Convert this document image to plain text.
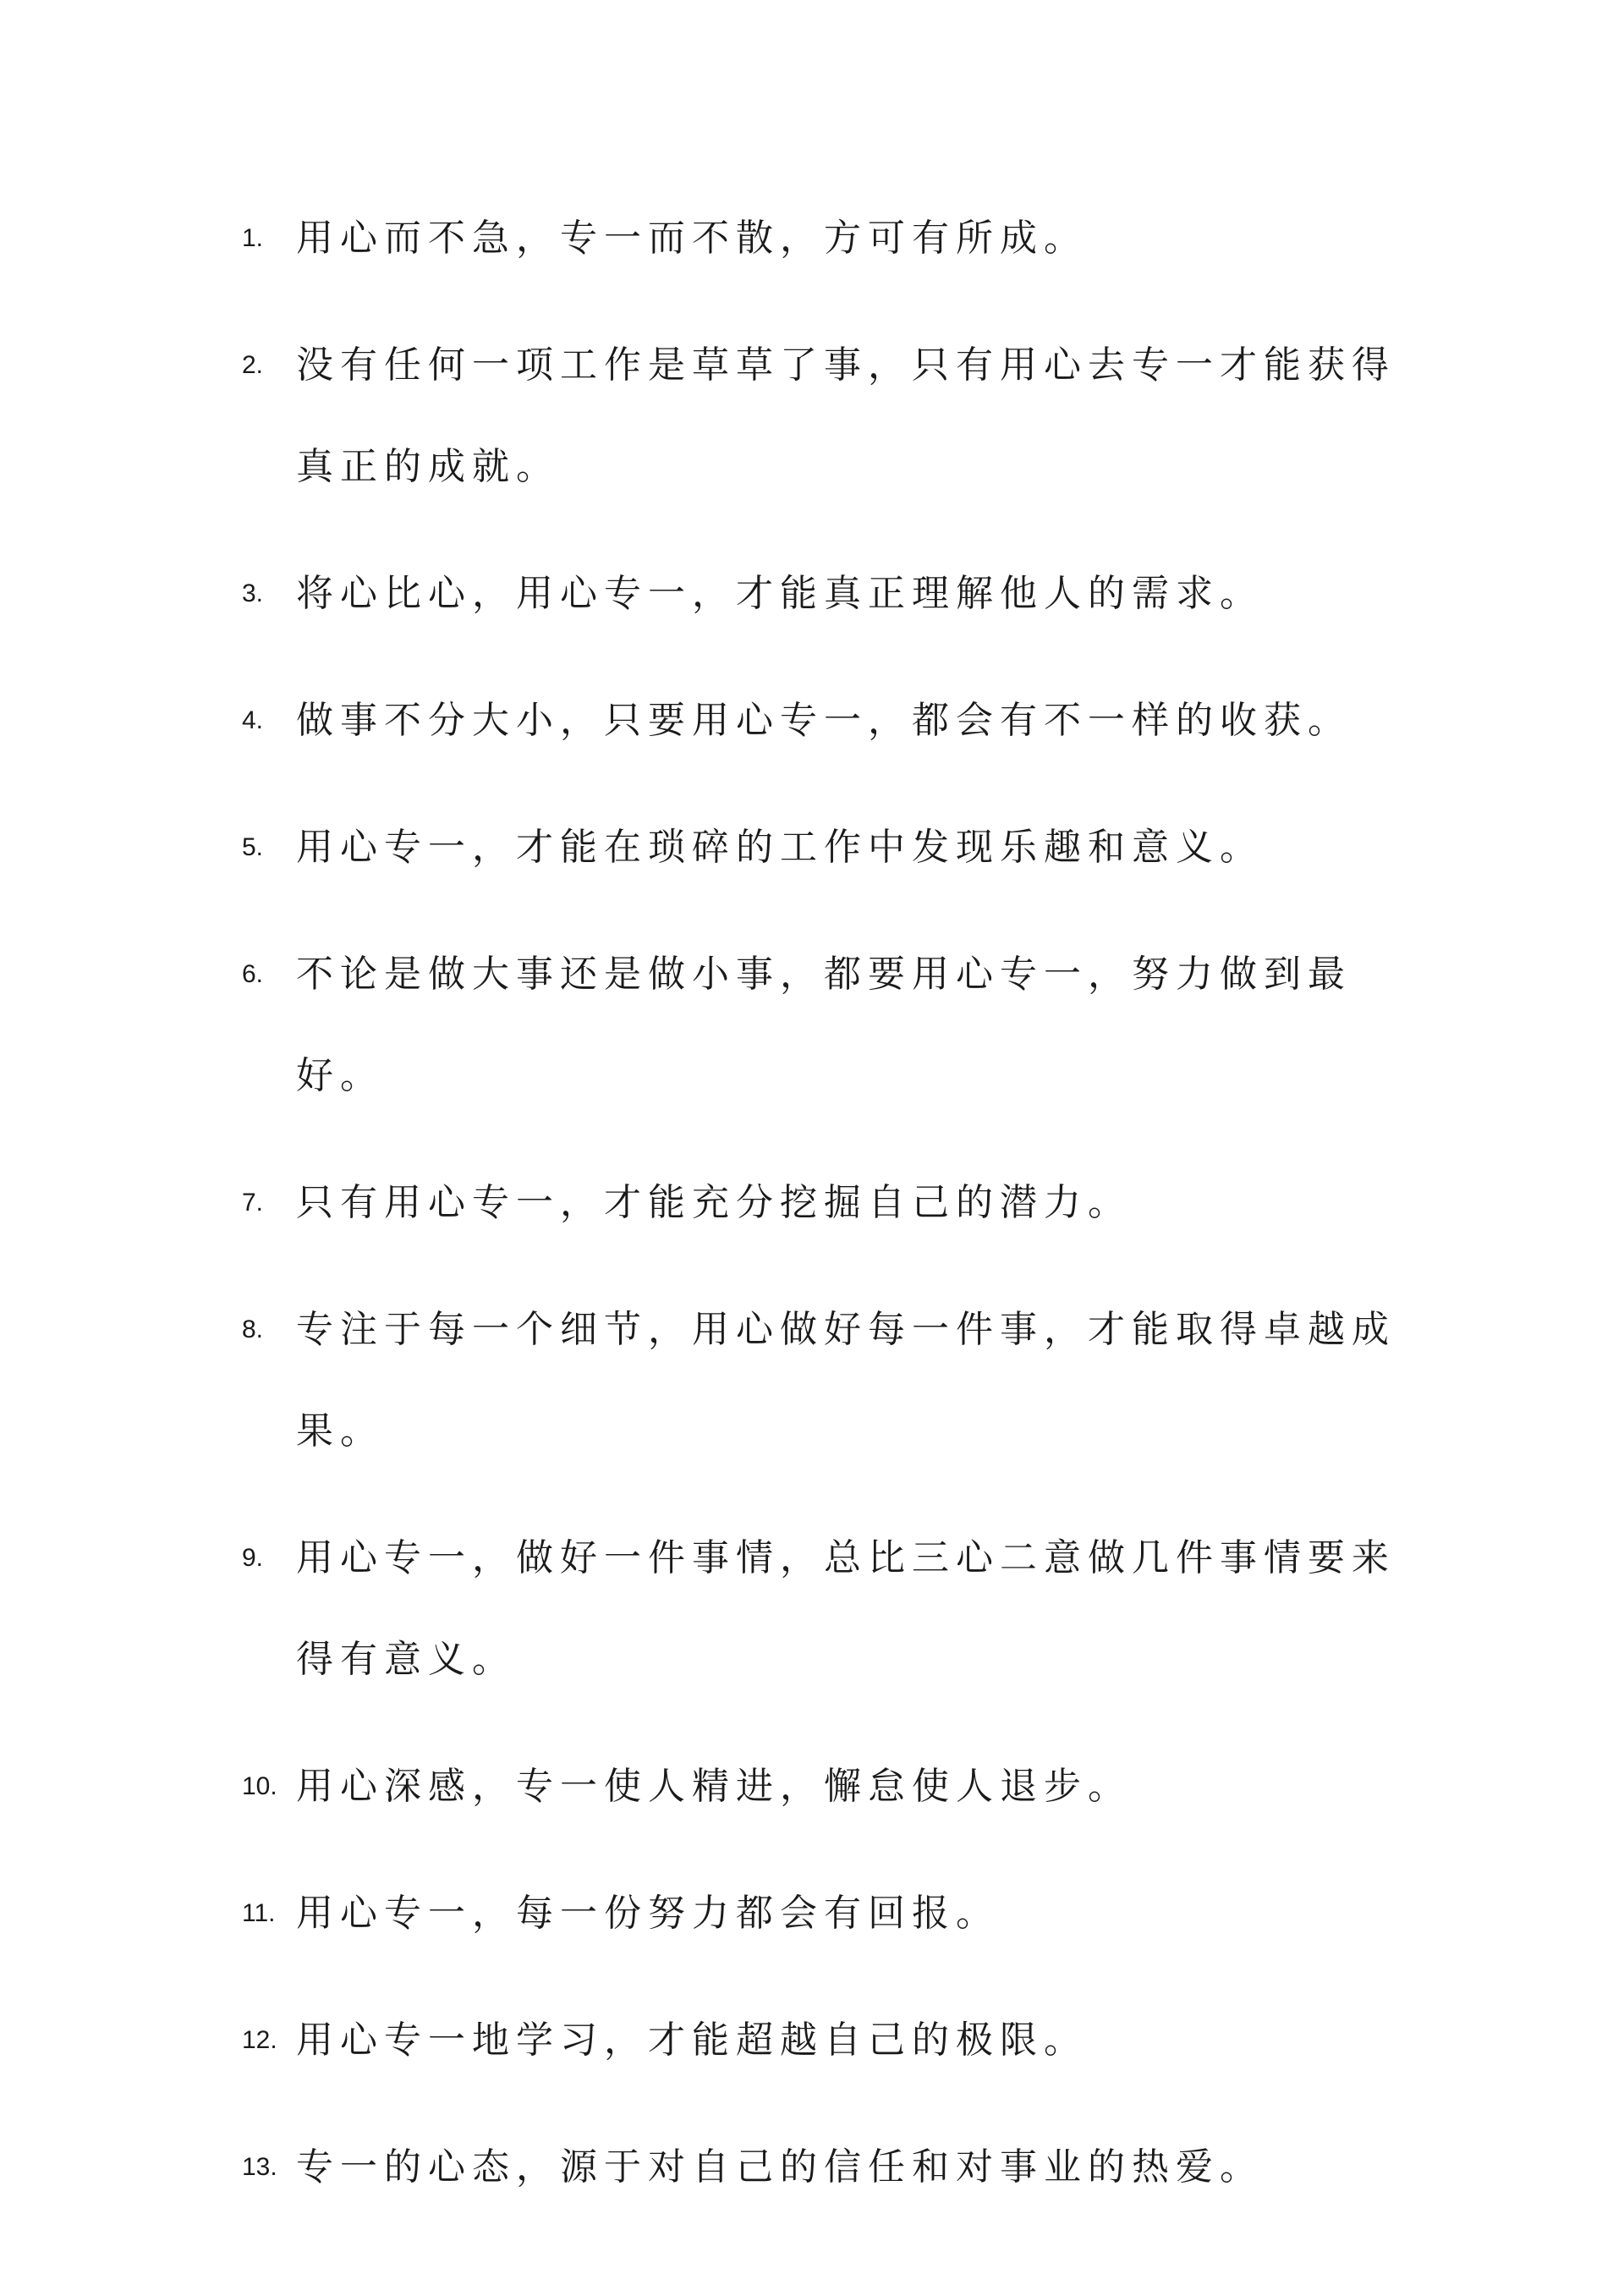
1. 用心而不急，专一而不散，方可有所成。
2. 没有任何一项工作是草草了事，只有用心去专一才能获得真正的成就。
3. 将心比心，用心专一，才能真正理解他人的需求。
4. 做事不分大小，只要用心专一，都会有不一样的收获。
5. 用心专一，才能在琐碎的工作中发现乐趣和意义。
6. 不论是做大事还是做小事，都要用心专一，努力做到最好。
7. 只有用心专一，才能充分挖掘自己的潜力。
8. 专注于每一个细节，用心做好每一件事，才能取得卓越成果。
9. 用心专一，做好一件事情，总比三心二意做几件事情要来得有意义。
10. 用心深感，专一使人精进，懈怠使人退步。
11. 用心专一，每一份努力都会有回报。
12. 用心专一地学习，才能超越自己的极限。
13. 专一的心态，源于对自己的信任和对事业的热爱。
